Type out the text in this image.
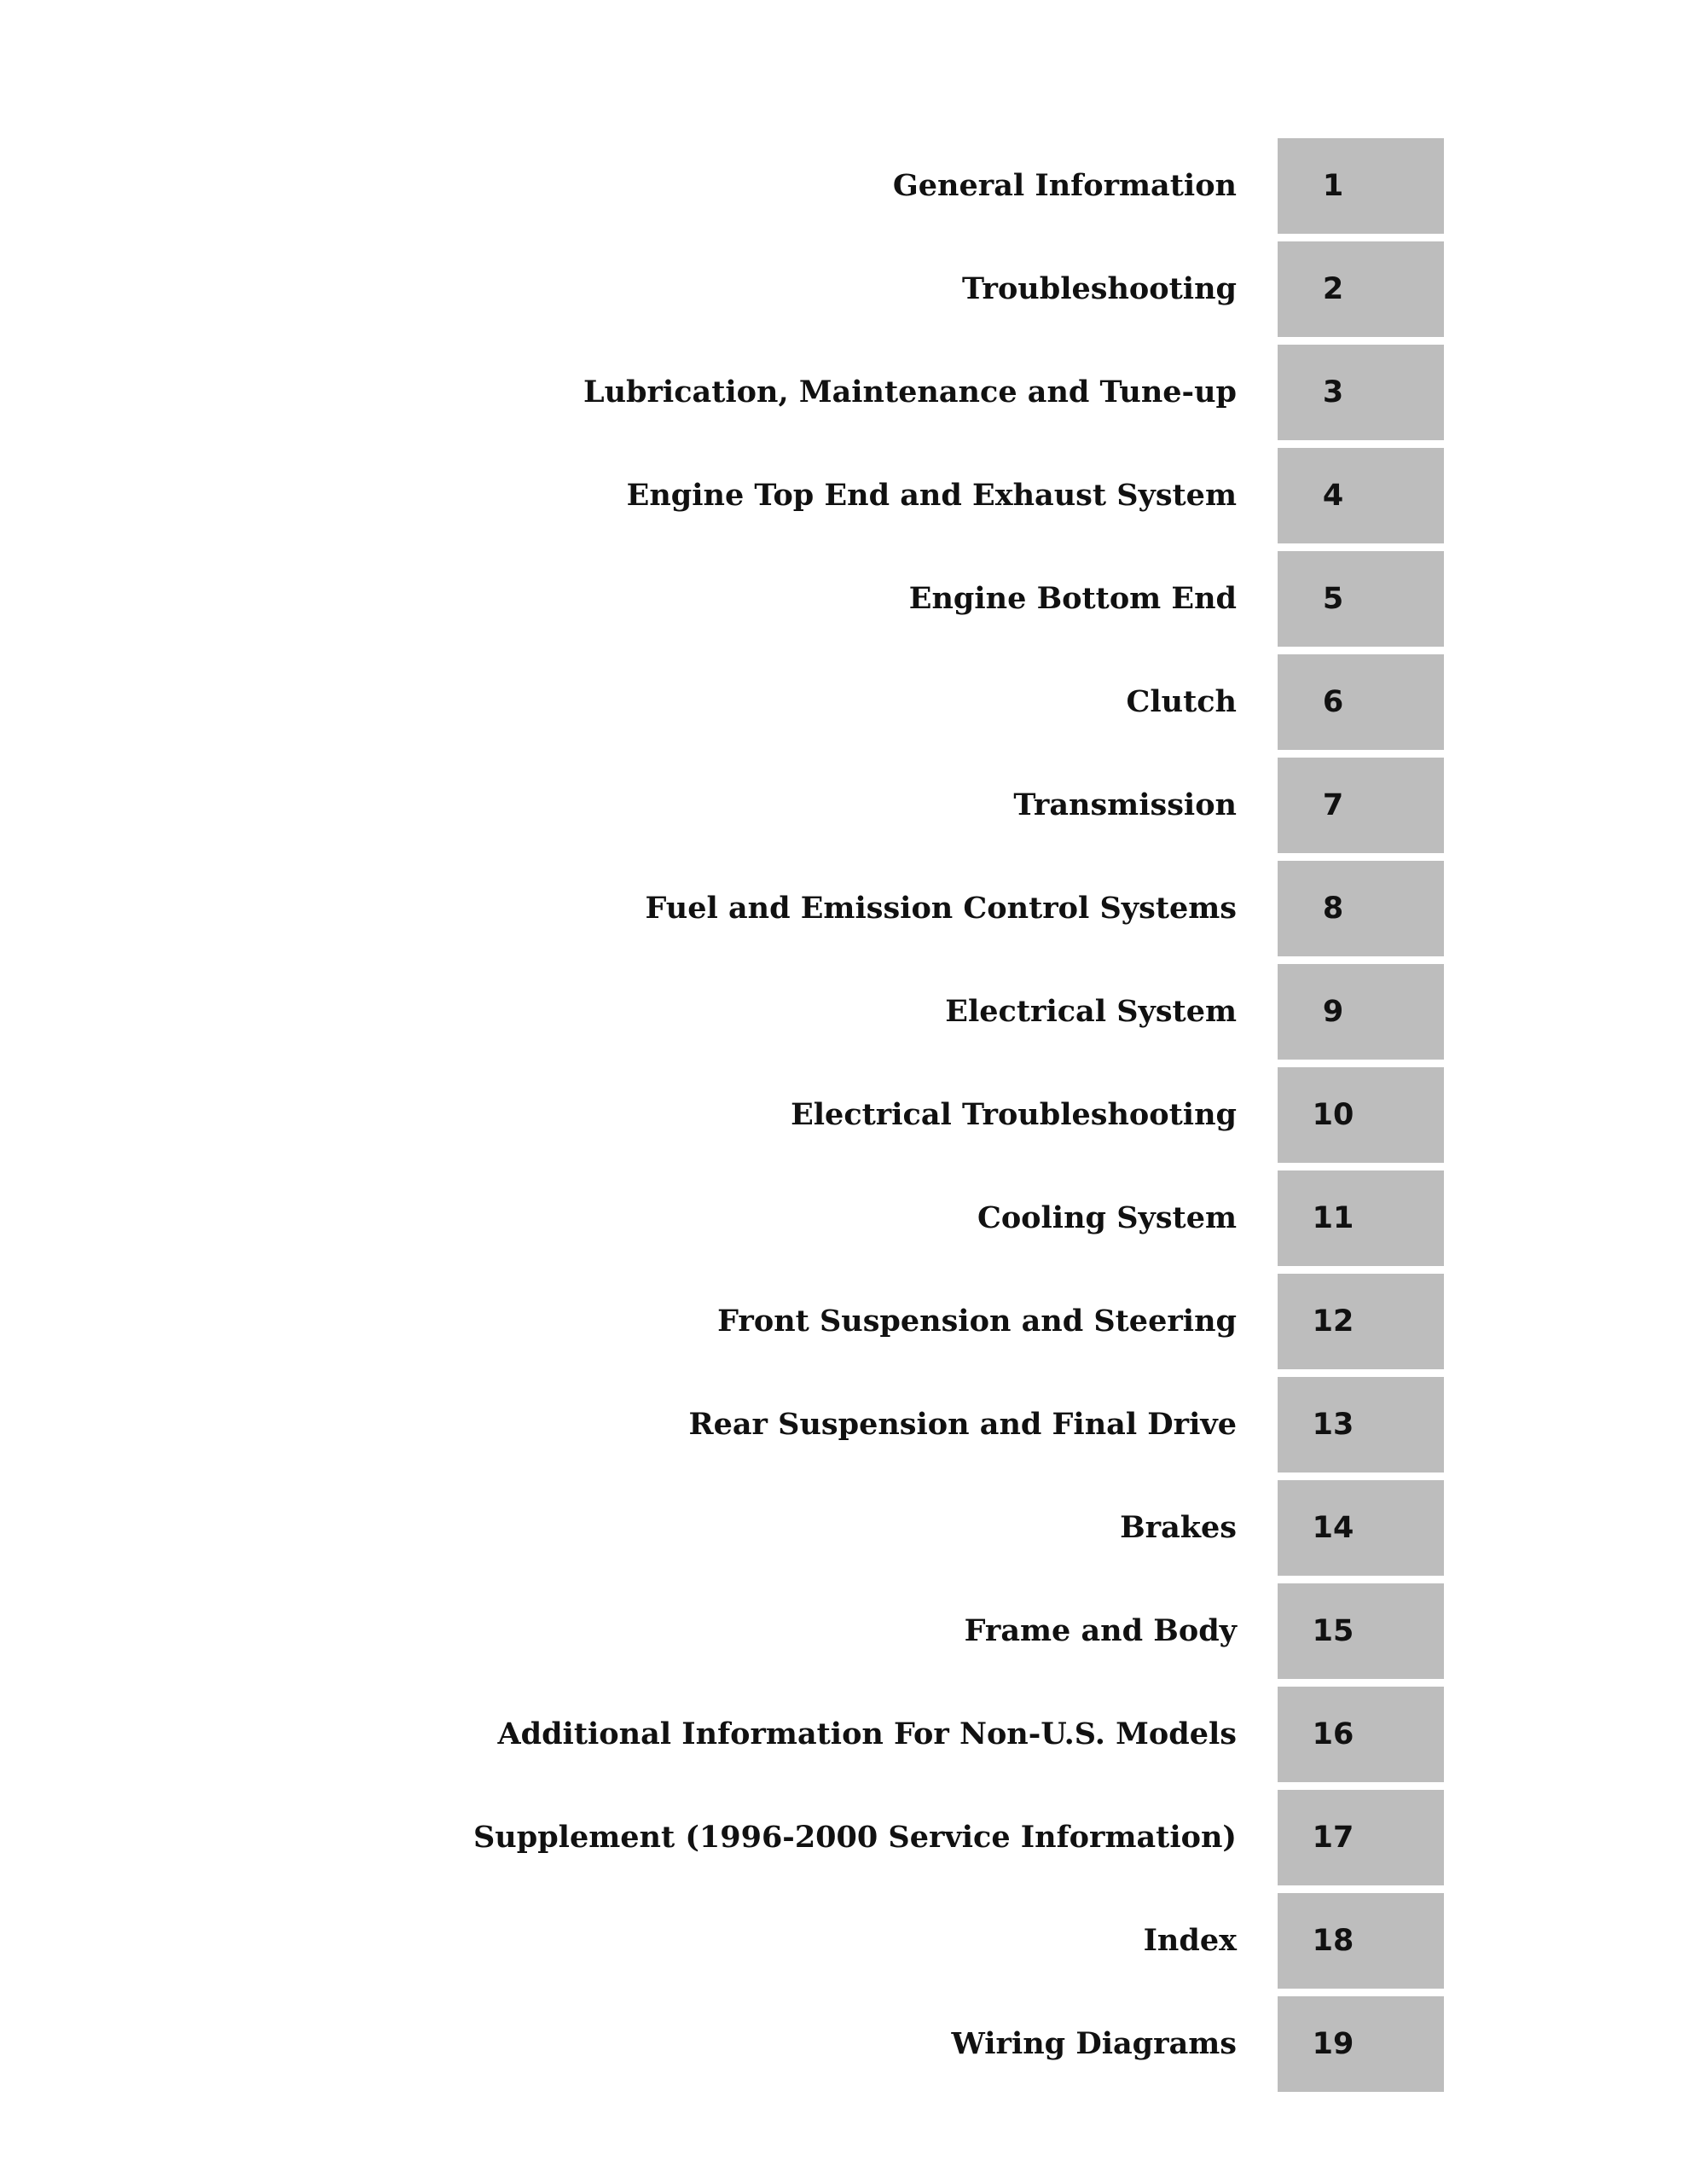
General Information	1
Troubleshooting	2
Lubrication, Maintenance and Tune-up	3
Engine Top End and Exhaust System	4
Engine Bottom End	5
Clutch	6
Transmission	7
Fuel and Emission Control Systems	8
Electrical System	9
Electrical Troubleshooting	10
Cooling System	11
Front Suspension and Steering	12
Rear Suspension and Final Drive	13
Brakes	14
Frame and Body	15
Additional Information For Non-U.S. Models	16
Supplement (1996-2000 Service Information)	17
Index	18
Wiring Diagrams	19
